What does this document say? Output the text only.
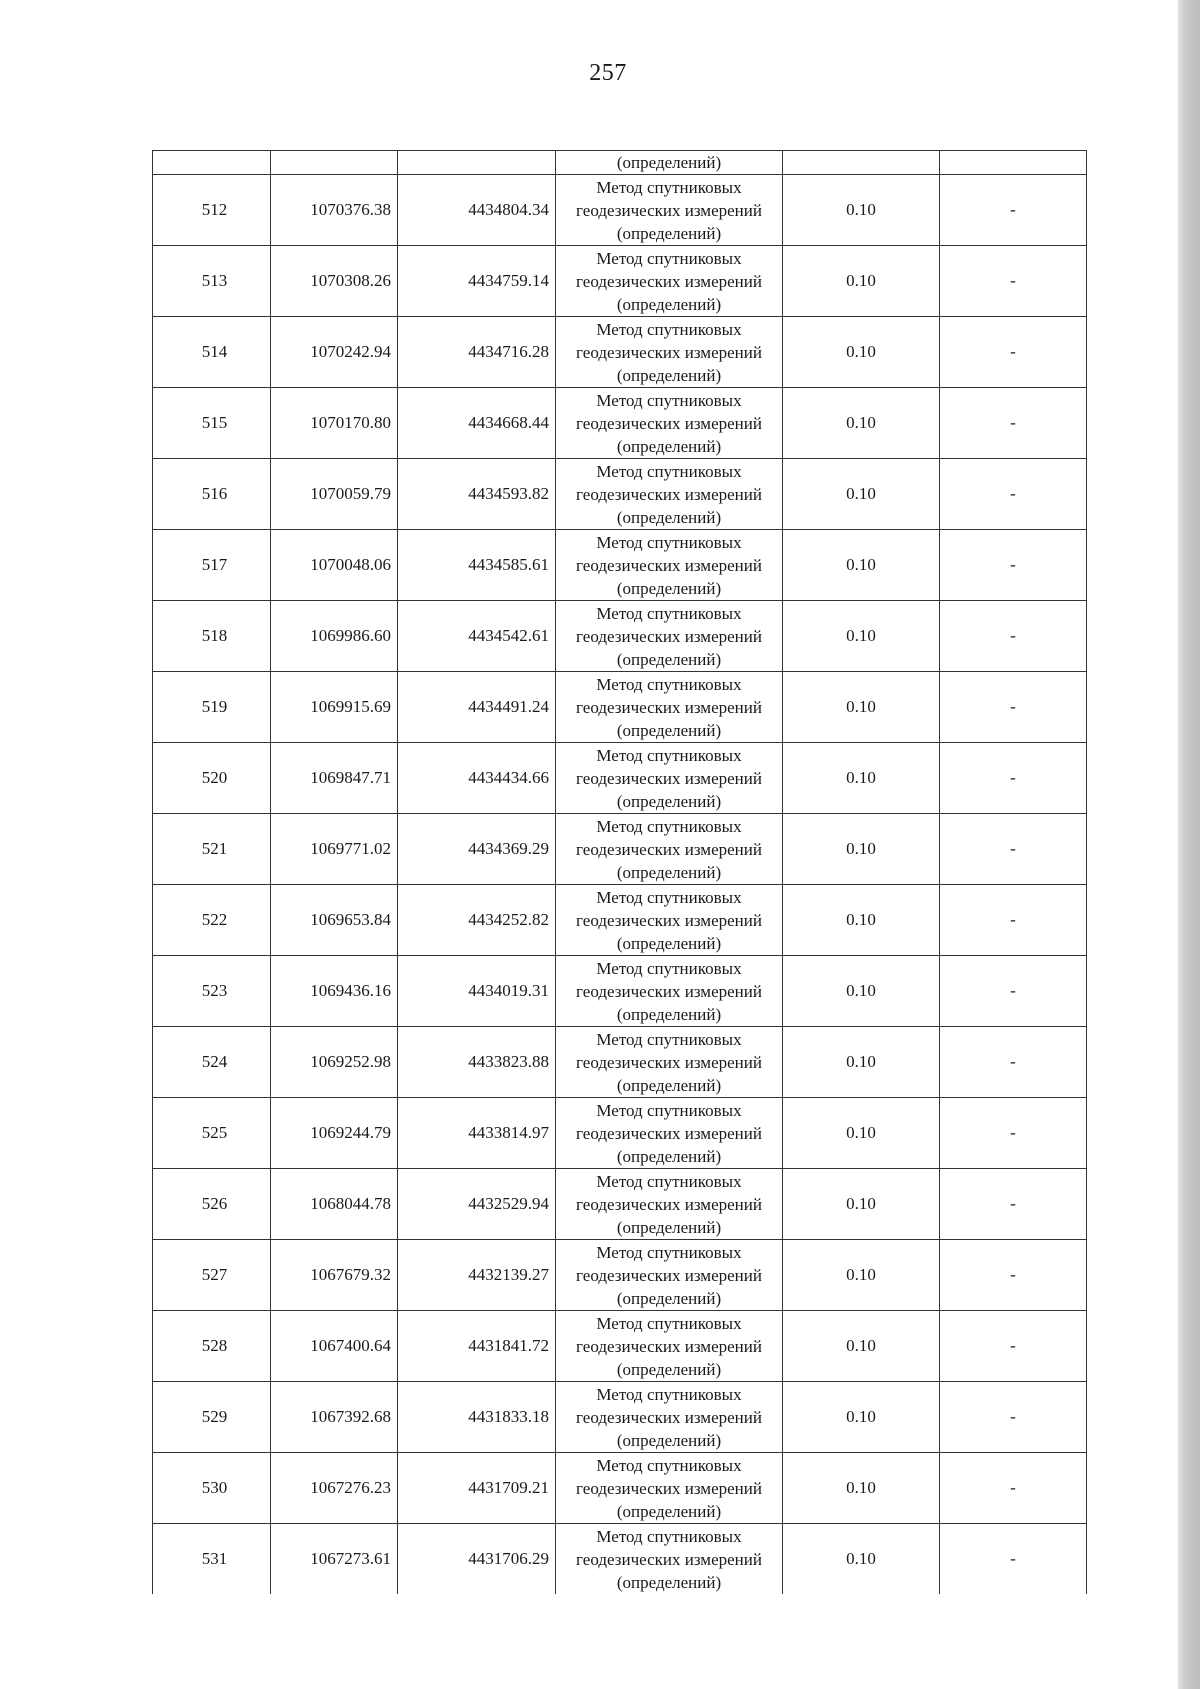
257
			(определений)		
512	1070376.38	4434804.34	Метод спутниковых
геодезических измерений
(определений)	0.10	-
513	1070308.26	4434759.14	Метод спутниковых
геодезических измерений
(определений)	0.10	-
514	1070242.94	4434716.28	Метод спутниковых
геодезических измерений
(определений)	0.10	-
515	1070170.80	4434668.44	Метод спутниковых
геодезических измерений
(определений)	0.10	-
516	1070059.79	4434593.82	Метод спутниковых
геодезических измерений
(определений)	0.10	-
517	1070048.06	4434585.61	Метод спутниковых
геодезических измерений
(определений)	0.10	-
518	1069986.60	4434542.61	Метод спутниковых
геодезических измерений
(определений)	0.10	-
519	1069915.69	4434491.24	Метод спутниковых
геодезических измерений
(определений)	0.10	-
520	1069847.71	4434434.66	Метод спутниковых
геодезических измерений
(определений)	0.10	-
521	1069771.02	4434369.29	Метод спутниковых
геодезических измерений
(определений)	0.10	-
522	1069653.84	4434252.82	Метод спутниковых
геодезических измерений
(определений)	0.10	-
523	1069436.16	4434019.31	Метод спутниковых
геодезических измерений
(определений)	0.10	-
524	1069252.98	4433823.88	Метод спутниковых
геодезических измерений
(определений)	0.10	-
525	1069244.79	4433814.97	Метод спутниковых
геодезических измерений
(определений)	0.10	-
526	1068044.78	4432529.94	Метод спутниковых
геодезических измерений
(определений)	0.10	-
527	1067679.32	4432139.27	Метод спутниковых
геодезических измерений
(определений)	0.10	-
528	1067400.64	4431841.72	Метод спутниковых
геодезических измерений
(определений)	0.10	-
529	1067392.68	4431833.18	Метод спутниковых
геодезических измерений
(определений)	0.10	-
530	1067276.23	4431709.21	Метод спутниковых
геодезических измерений
(определений)	0.10	-
531	1067273.61	4431706.29	Метод спутниковых
геодезических измерений
(определений)	0.10	-
